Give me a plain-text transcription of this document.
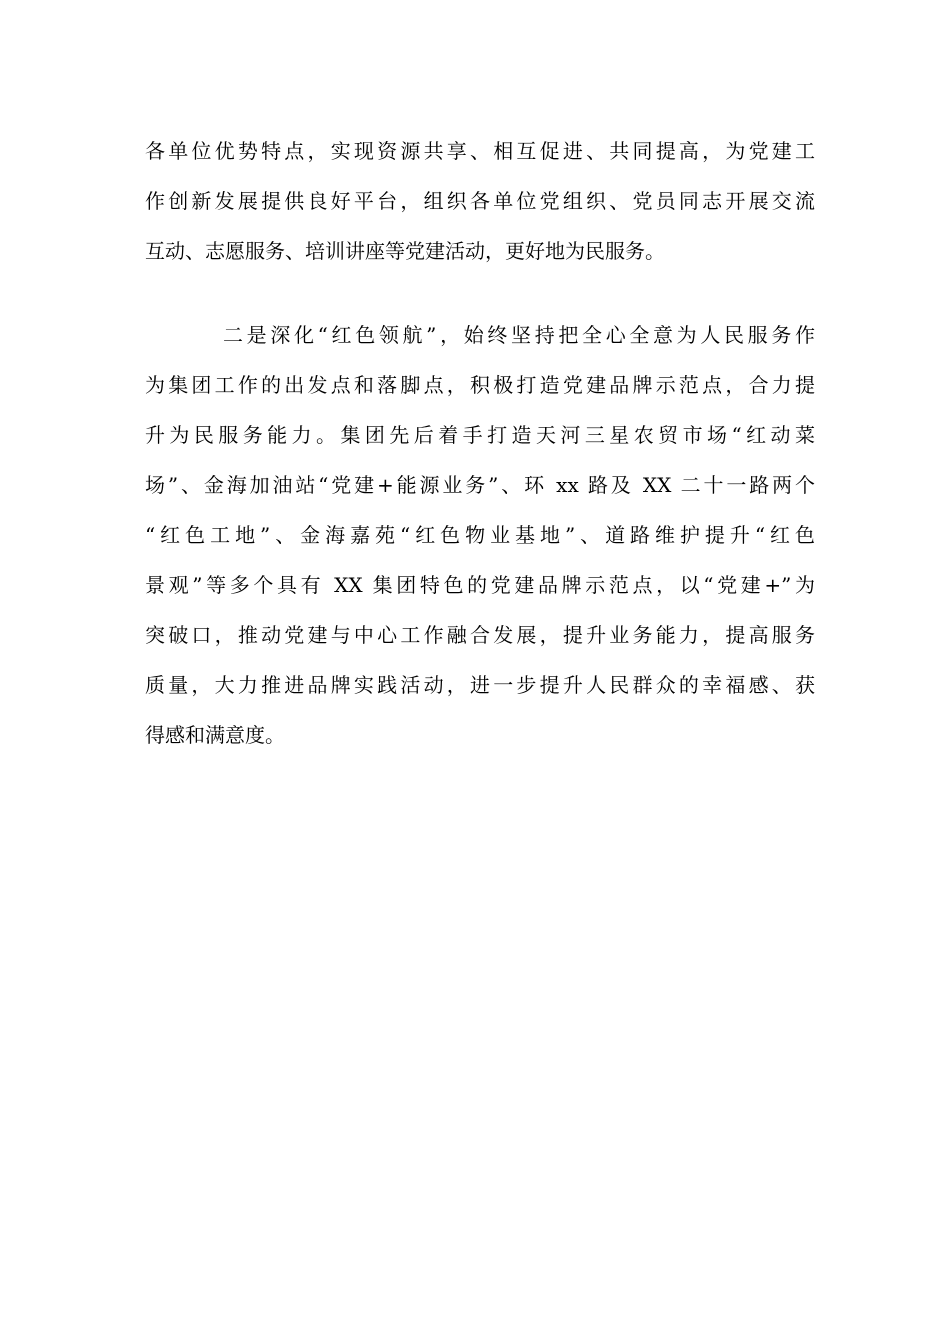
各单位优势特点，实现资源共享、相互促进、共同提高，为党建工
作创新发展提供良好平台，组织各单位党组织、党员同志开展交流
互动、志愿服务、培训讲座等党建活动，更好地为民服务。
二是深化“红色领航”，始终坚持把全心全意为人民服务作
为集团工作的出发点和落脚点，积极打造党建品牌示范点，合力提
升为民服务能力。集团先后着手打造天河三星农贸市场“红动菜
场”、金海加油站“党建+能源业务”、环 xx 路及 XX 二十一路两个
“红色工地”、金海嘉苑“红色物业基地”、道路维护提升“红色
景观”等多个具有 XX 集团特色的党建品牌示范点，以“党建+”为
突破口，推动党建与中心工作融合发展，提升业务能力，提高服务
质量，大力推进品牌实践活动，进一步提升人民群众的幸福感、获
得感和满意度。
